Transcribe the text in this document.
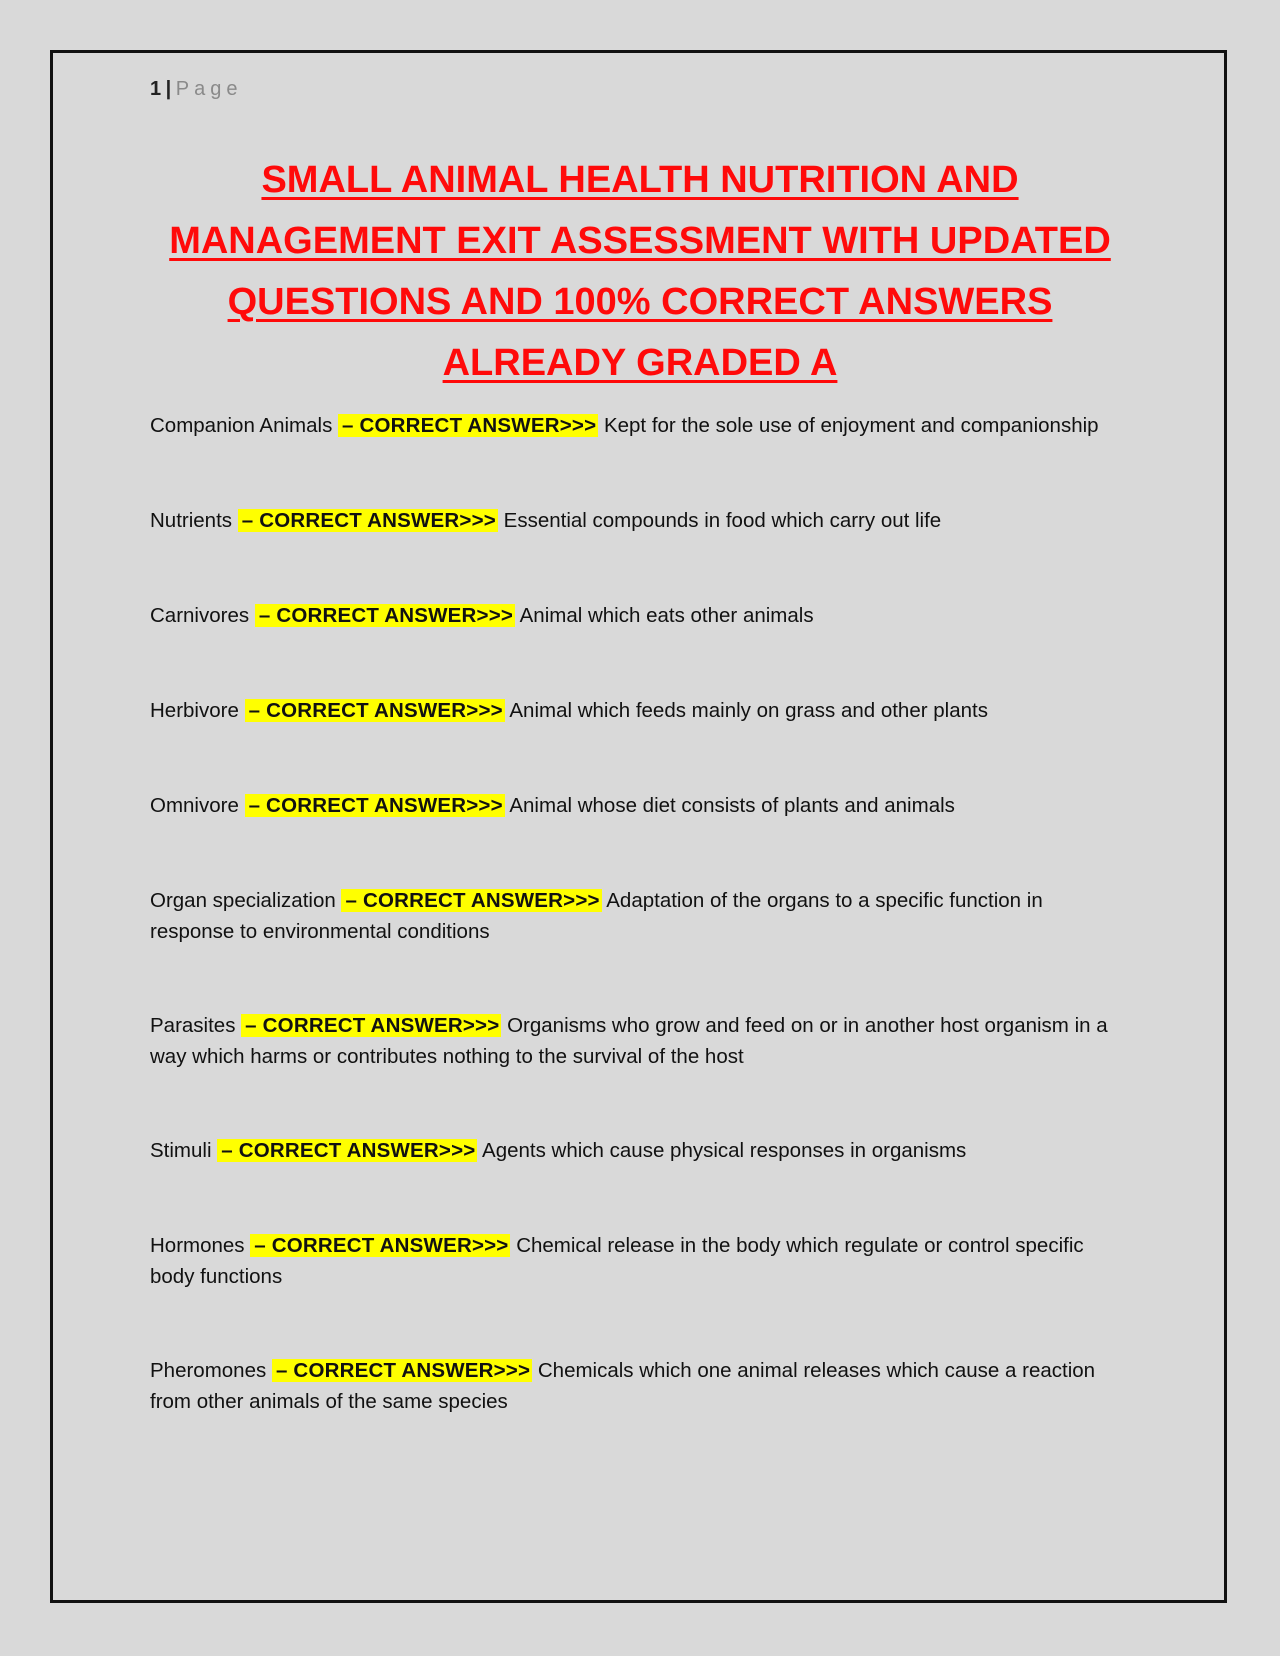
1 | Page
SMALL ANIMAL HEALTH NUTRITION AND MANAGEMENT EXIT ASSESSMENT WITH UPDATED QUESTIONS AND 100% CORRECT ANSWERS ALREADY GRADED A
Companion Animals – CORRECT ANSWER>>> Kept for the sole use of enjoyment and companionship
Nutrients – CORRECT ANSWER>>> Essential compounds in food which carry out life
Carnivores – CORRECT ANSWER>>> Animal which eats other animals
Herbivore – CORRECT ANSWER>>> Animal which feeds mainly on grass and other plants
Omnivore – CORRECT ANSWER>>> Animal whose diet consists of plants and animals
Organ specialization – CORRECT ANSWER>>> Adaptation of the organs to a specific function in response to environmental conditions
Parasites – CORRECT ANSWER>>> Organisms who grow and feed on or in another host organism in a way which harms or contributes nothing to the survival of the host
Stimuli – CORRECT ANSWER>>> Agents which cause physical responses in organisms
Hormones – CORRECT ANSWER>>> Chemical release in the body which regulate or control specific body functions
Pheromones – CORRECT ANSWER>>> Chemicals which one animal releases which cause a reaction from other animals of the same species
